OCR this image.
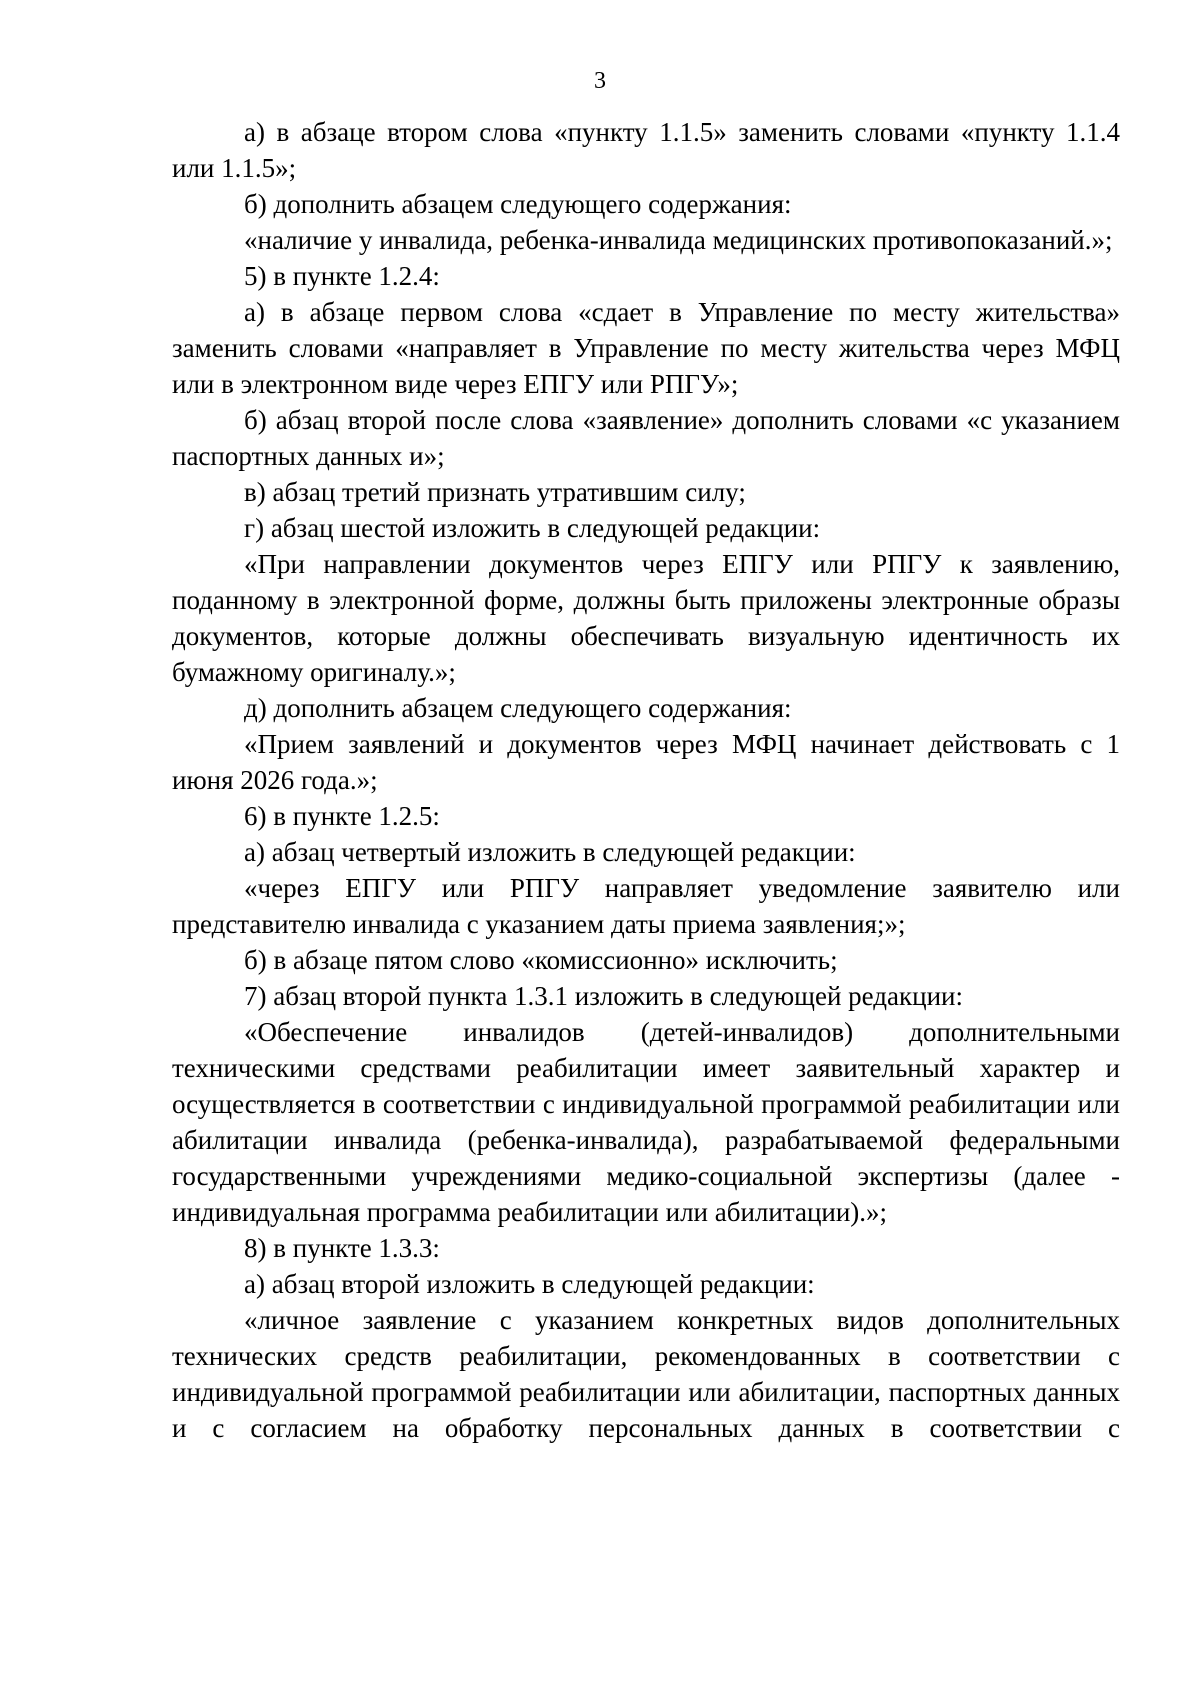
3

а) в абзаце втором слова «пункту 1.1.5» заменить словами «пункту 1.1.4 или 1.1.5»;

б) дополнить абзацем следующего содержания:

«наличие у инвалида, ребенка-инвалида медицинских противопоказаний.»;

5) в пункте 1.2.4:

а) в абзаце первом слова «сдает в Управление по месту жительства» заменить словами «направляет в Управление по месту жительства через МФЦ или в электронном виде через ЕПГУ или РПГУ»;

б) абзац второй после слова «заявление» дополнить словами «с указанием паспортных данных и»;

в) абзац третий признать утратившим силу;

г) абзац шестой изложить в следующей редакции:

«При направлении документов через ЕПГУ или РПГУ к заявлению, поданному в электронной форме, должны быть приложены электронные образы документов, которые должны обеспечивать визуальную идентичность их бумажному оригиналу.»;

д) дополнить абзацем следующего содержания:

«Прием заявлений и документов через МФЦ начинает действовать с 1 июня 2026 года.»;

6) в пункте 1.2.5:

а) абзац четвертый изложить в следующей редакции:

«через ЕПГУ или РПГУ направляет уведомление заявителю или представителю инвалида с указанием даты приема заявления;»;

б) в абзаце пятом слово «комиссионно» исключить;

7) абзац второй пункта 1.3.1 изложить в следующей редакции:

«Обеспечение инвалидов (детей-инвалидов) дополнительными техническими средствами реабилитации имеет заявительный характер и осуществляется в соответствии с индивидуальной программой реабилитации или абилитации инвалида (ребенка-инвалида), разрабатываемой федеральными государственными учреждениями медико-социальной экспертизы (далее - индивидуальная программа реабилитации или абилитации).»;

8) в пункте 1.3.3:

а) абзац второй изложить в следующей редакции:

«личное заявление с указанием конкретных видов дополнительных технических средств реабилитации, рекомендованных в соответствии с индивидуальной программой реабилитации или абилитации, паспортных данных и с согласием на обработку персональных данных в соответствии с
